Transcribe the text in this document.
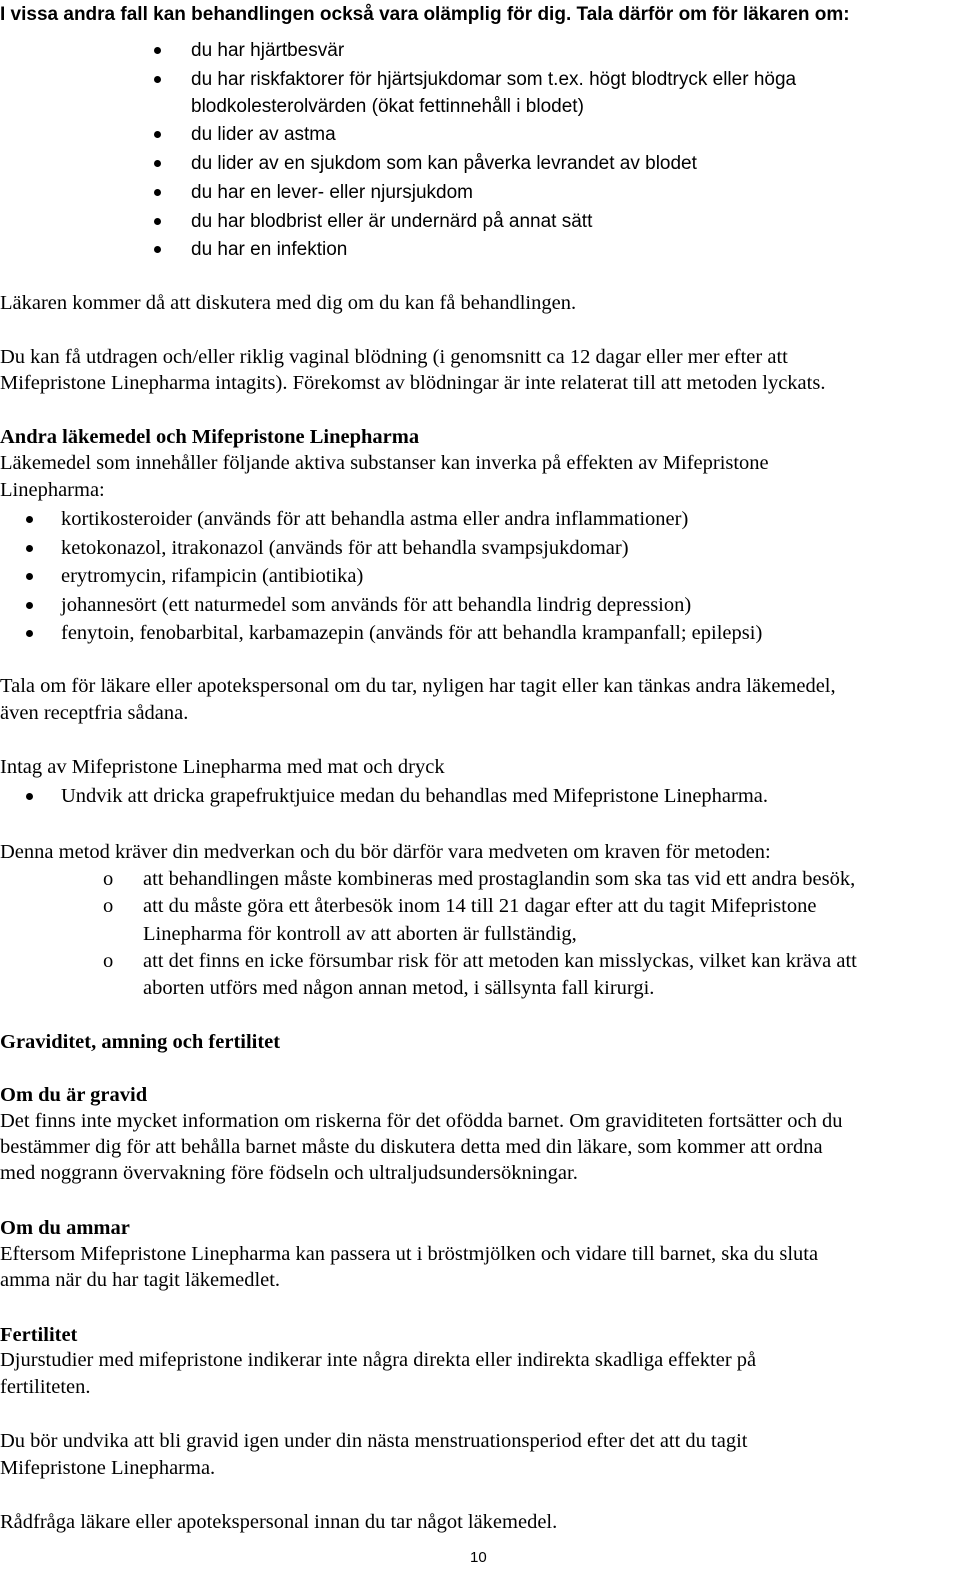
I vissa andra fall kan behandlingen också vara olämplig för dig. Tala därför om för läkaren om:
du har hjärtbesvär
du har riskfaktorer för hjärtsjukdomar som t.ex. högt blodtryck eller höga
blodkolesterolvärden (ökat fettinnehåll i blodet)
du lider av astma
du lider av en sjukdom som kan påverka levrandet av blodet
du har en lever- eller njursjukdom
du har blodbrist eller är undernärd på annat sätt
du har en infektion
Läkaren kommer då att diskutera med dig om du kan få behandlingen.
Du kan få utdragen och/eller riklig vaginal blödning (i genomsnitt ca 12 dagar eller mer efter att
Mifepristone Linepharma intagits). Förekomst av blödningar är inte relaterat till att metoden lyckats.
Andra läkemedel och Mifepristone Linepharma
Läkemedel som innehåller följande aktiva substanser kan inverka på effekten av Mifepristone
Linepharma:
kortikosteroider (används för att behandla astma eller andra inflammationer)
ketokonazol, itrakonazol (används för att behandla svampsjukdomar)
erytromycin, rifampicin (antibiotika)
johannesört (ett naturmedel som används för att behandla lindrig depression)
fenytoin, fenobarbital, karbamazepin (används för att behandla krampanfall; epilepsi)
Tala om för läkare eller apotekspersonal om du tar, nyligen har tagit eller kan tänkas andra läkemedel,
även receptfria sådana.
Intag av Mifepristone Linepharma med mat och dryck
Undvik att dricka grapefruktjuice medan du behandlas med Mifepristone Linepharma.
Denna metod kräver din medverkan och du bör därför vara medveten om kraven för metoden:
o att behandlingen måste kombineras med prostaglandin som ska tas vid ett andra besök,
o att du måste göra ett återbesök inom 14 till 21 dagar efter att du tagit Mifepristone
Linepharma för kontroll av att aborten är fullständig,
o att det finns en icke försumbar risk för att metoden kan misslyckas, vilket kan kräva att
aborten utförs med någon annan metod, i sällsynta fall kirurgi.
Graviditet, amning och fertilitet
Om du är gravid
Det finns inte mycket information om riskerna för det ofödda barnet. Om graviditeten fortsätter och du
bestämmer dig för att behålla barnet måste du diskutera detta med din läkare, som kommer att ordna
med noggrann övervakning före födseln och ultraljudsundersökningar.
Om du ammar
Eftersom Mifepristone Linepharma kan passera ut i bröstmjölken och vidare till barnet, ska du sluta
amma när du har tagit läkemedlet.
Fertilitet
Djurstudier med mifepristone indikerar inte några direkta eller indirekta skadliga effekter på
fertiliteten.
Du bör undvika att bli gravid igen under din nästa menstruationsperiod efter det att du tagit
Mifepristone Linepharma.
Rådfråga läkare eller apotekspersonal innan du tar något läkemedel.
10
